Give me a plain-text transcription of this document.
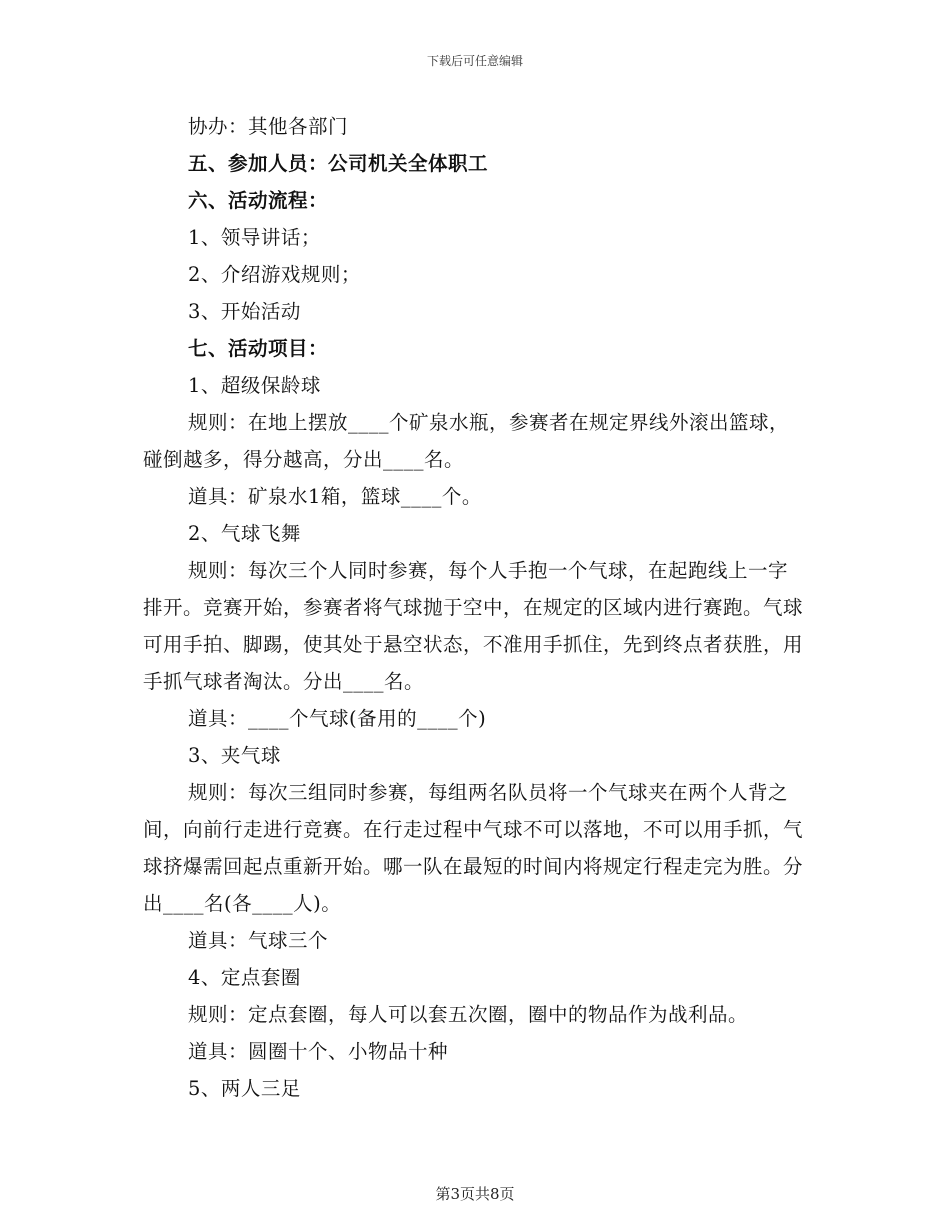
下载后可任意编辑

协办：其他各部门

五、参加人员：公司机关全体职工

六、活动流程：

1、领导讲话；

2、介绍游戏规则；

3、开始活动

七、活动项目：

1、超级保龄球

规则：在地上摆放____个矿泉水瓶，参赛者在规定界线外滚出篮球，碰倒越多，得分越高，分出____名。

道具：矿泉水1箱，篮球____个。

2、气球飞舞

规则：每次三个人同时参赛，每个人手抱一个气球，在起跑线上一字排开。竞赛开始，参赛者将气球抛于空中，在规定的区域内进行赛跑。气球可用手拍、脚踢，使其处于悬空状态，不准用手抓住，先到终点者获胜，用手抓气球者淘汰。分出____名。

道具：____个气球(备用的____个)

3、夹气球

规则：每次三组同时参赛，每组两名队员将一个气球夹在两个人背之间，向前行走进行竞赛。在行走过程中气球不可以落地，不可以用手抓，气球挤爆需回起点重新开始。哪一队在最短的时间内将规定行程走完为胜。分出____名(各____人)。

道具：气球三个

4、定点套圈

规则：定点套圈，每人可以套五次圈，圈中的物品作为战利品。

道具：圆圈十个、小物品十种

5、两人三足

第3页共8页
